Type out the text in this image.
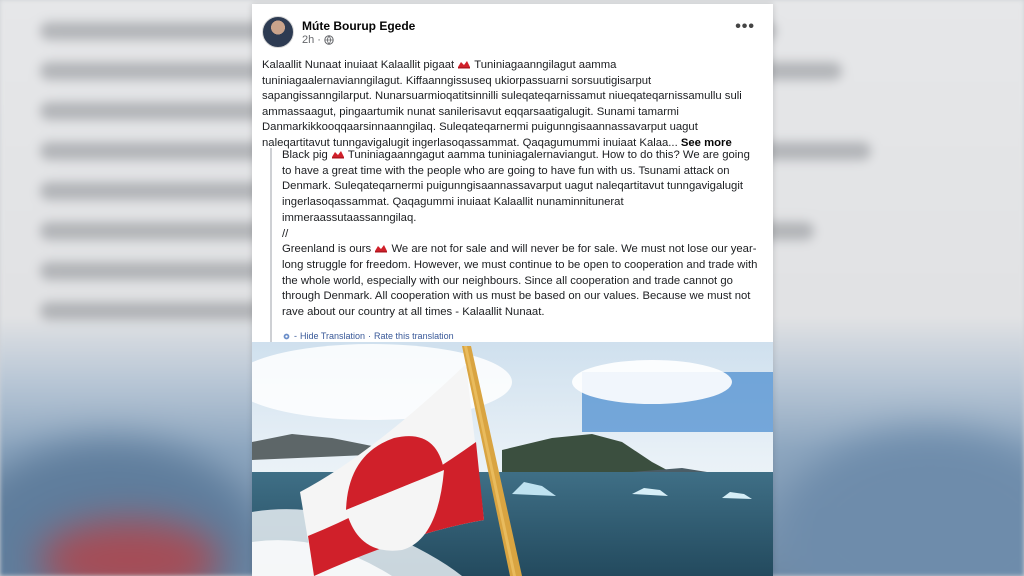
Múte Bourup Egede
2h ·
•••
Kalaallit Nunaat inuiaat Kalaallit pigaat Tuniniagaanngilagut aamma tuniniagaalernavianngilagut. Kiffaanngissuseq ukiorpassuarni sorsuutigisarput sapangissanngilarput. Nunarsuarmioqatitsinnilli suleqateqarnissamut niueqateqarnissamullu suli ammassaagut, pingaartumik nunat sanilerisavut eqqarsaatigalugit. Sunami tamarmi Danmarkikkooqqaarsinnaanngilaq. Suleqateqarnermi puigunngisaannassavarput uagut naleqartitavut tunngavigalugit ingerlasoqassammat. Qaqagumummi inuiaat Kalaa... See more

Black pig Tuniniagaanngagut aamma tuniniagalernaviangut. How to do this? We are going to have a great time with the people who are going to have fun with us. Tsunami attack on Denmark. Suleqateqarnermi puigunngisaannassavarput uagut naleqartitavut tunngavigalugit ingerlasoqassammat. Qaqagummi inuiaat Kalaallit nunaminnitunerat immeraassutaassanngilaq.

//

Greenland is ours We are not for sale and will never be for sale. We must not lose our year-long struggle for freedom. However, we must continue to be open to cooperation and trade with the whole world, especially with our neighbours. Since all cooperation and trade cannot go through Denmark. All cooperation with us must be based on our values. Because we must not rave about our country at all times - Kalaallit Nunaat.

- Hide Translation · Rate this translation
